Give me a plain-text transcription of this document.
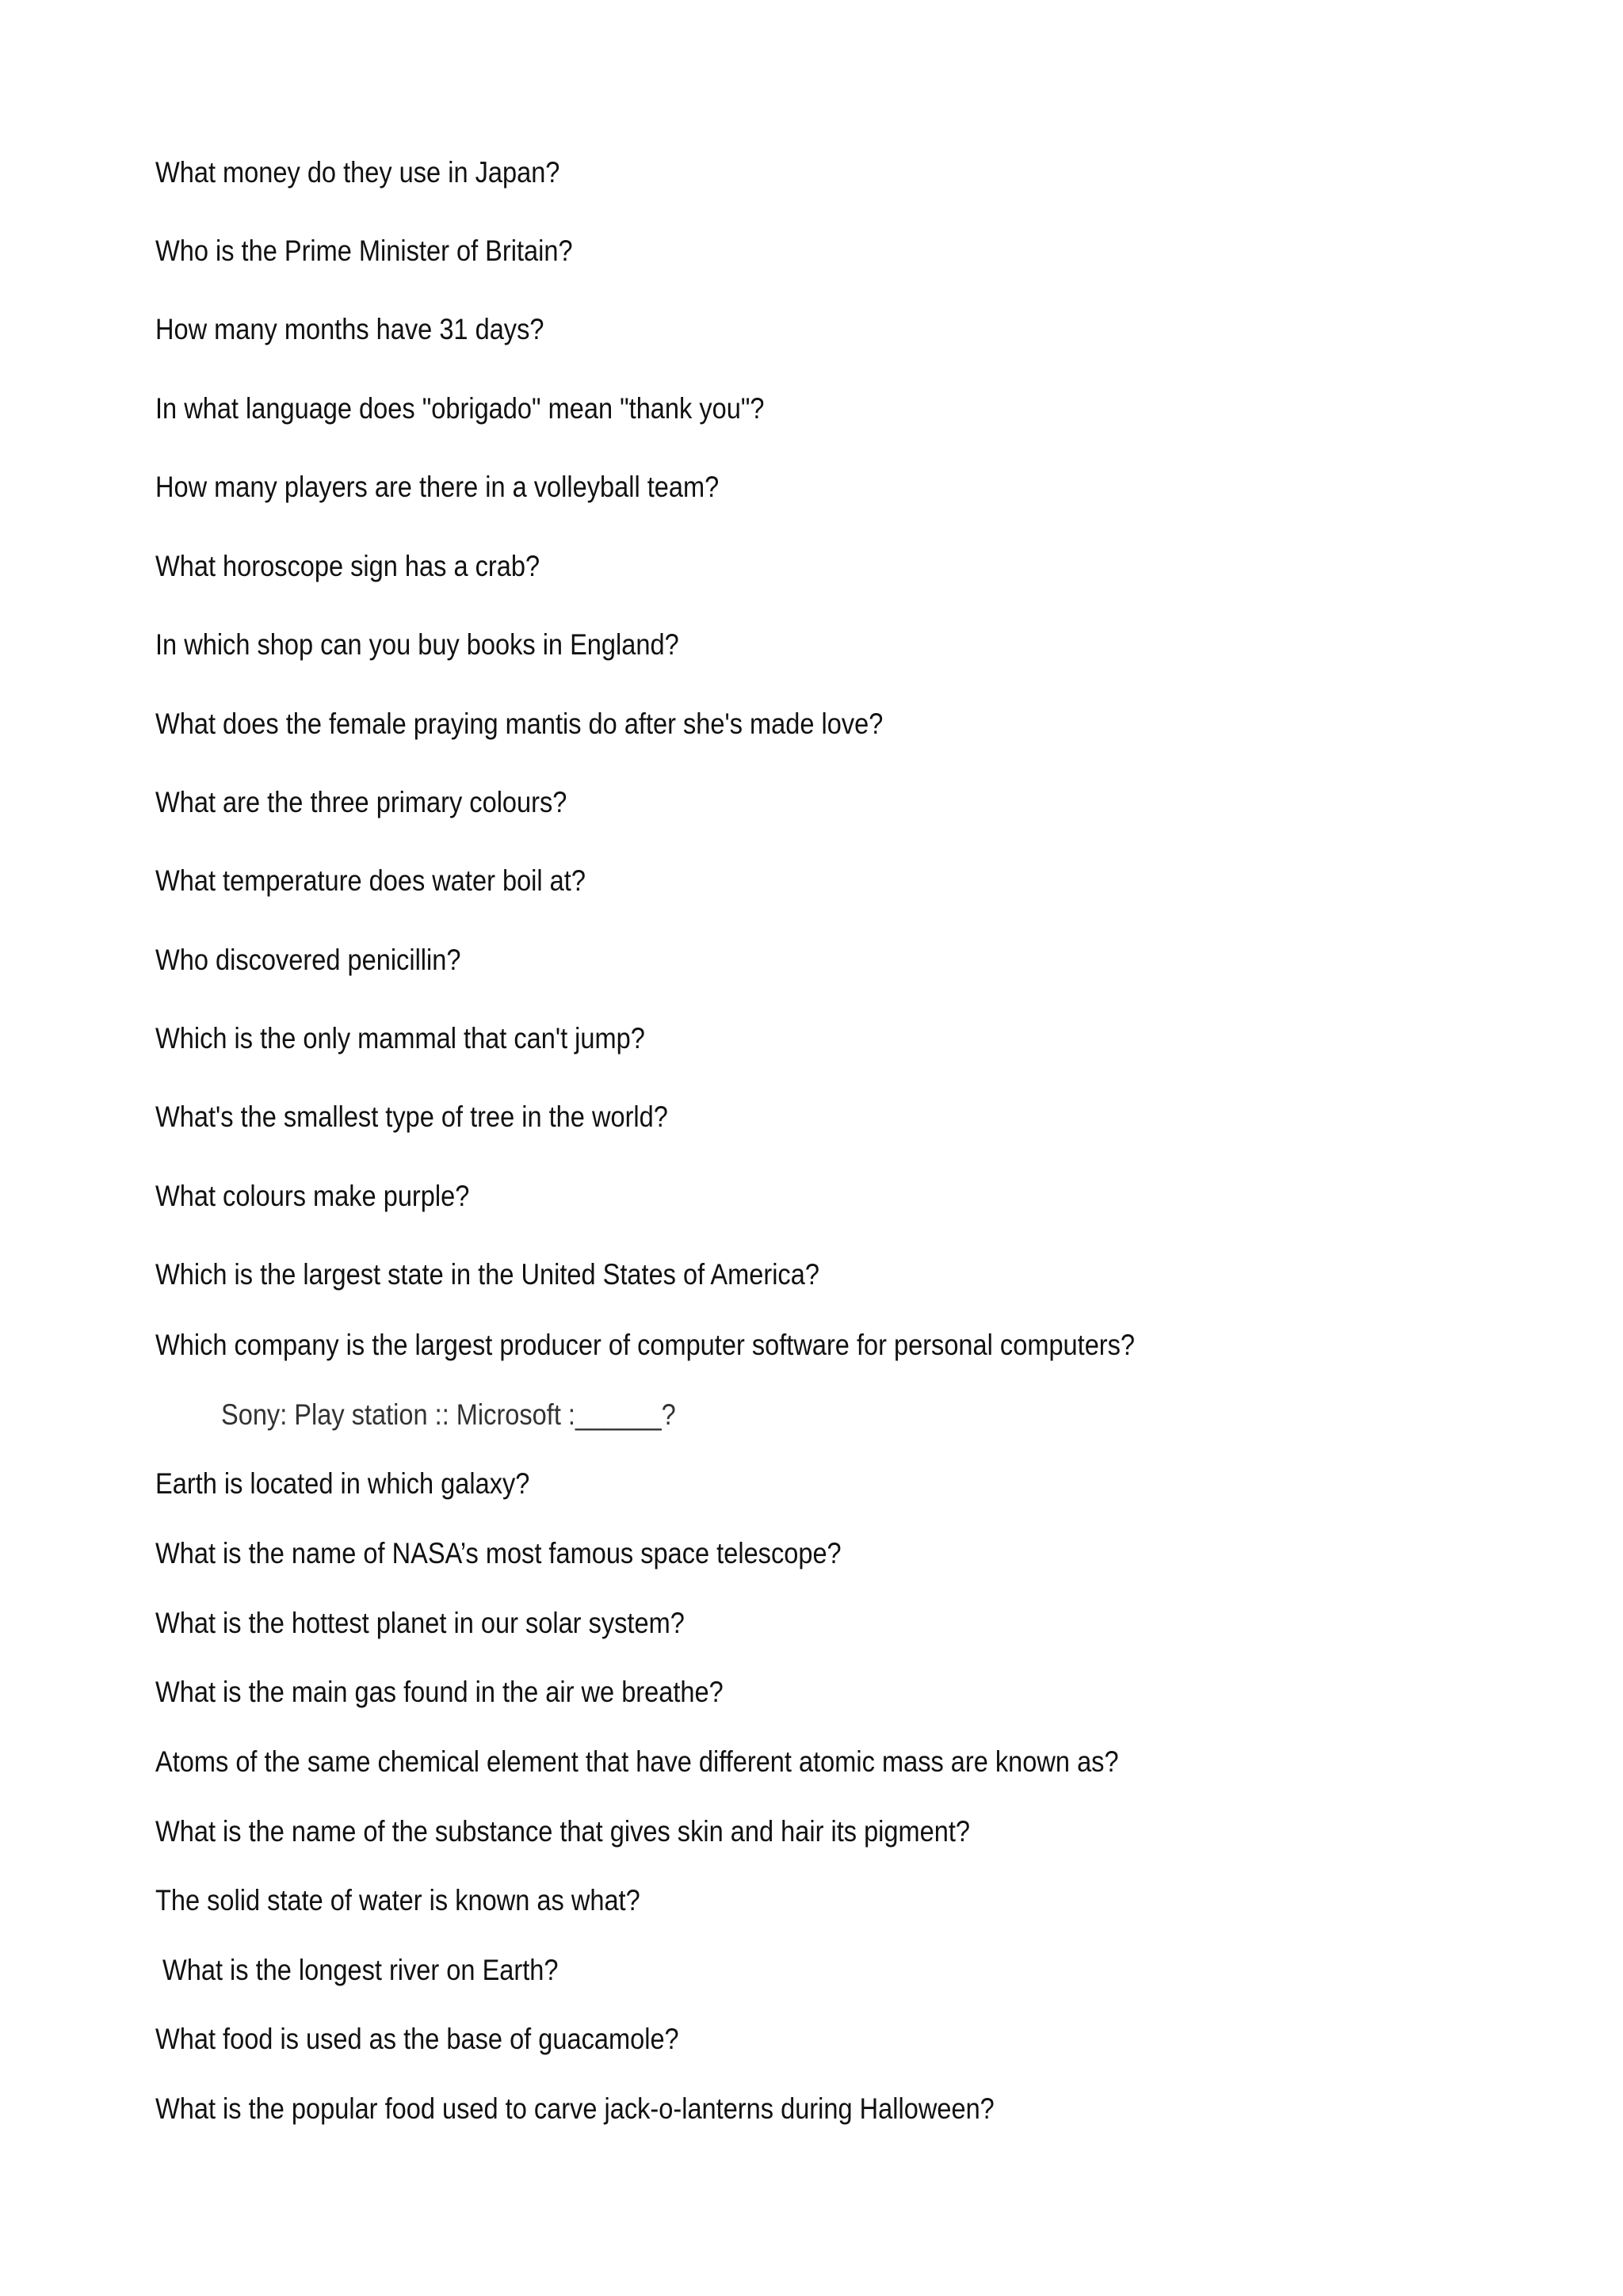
What money do they use in Japan?

Who is the Prime Minister of Britain?

How many months have 31 days?

In what language does "obrigado" mean "thank you"?

How many players are there in a volleyball team?

What horoscope sign has a crab?

In which shop can you buy books in England?

What does the female praying mantis do after she's made love?

What are the three primary colours?

What temperature does water boil at?

Who discovered penicillin?

Which is the only mammal that can't jump?

What's the smallest type of tree in the world?

What colours make purple?

Which is the largest state in the United States of America?

Which company is the largest producer of computer software for personal computers?

Sony: Play station :: Microsoft :______?

Earth is located in which galaxy?

What is the name of NASA’s most famous space telescope?

What is the hottest planet in our solar system?

What is the main gas found in the air we breathe?

Atoms of the same chemical element that have different atomic mass are known as?

What is the name of the substance that gives skin and hair its pigment?

The solid state of water is known as what?

What is the longest river on Earth?

What food is used as the base of guacamole?

What is the popular food used to carve jack-o-lanterns during Halloween?
